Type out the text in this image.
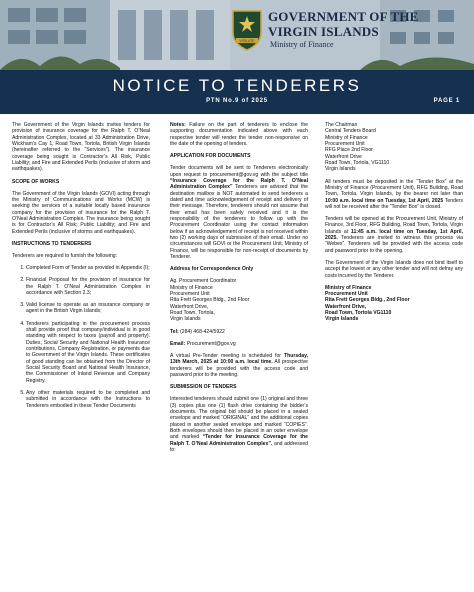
VIGILATE
GOVERNMENT OF THE
VIRGIN ISLANDS
Ministry of Finance
NOTICE TO TENDERERS
PTN No.9 of 2025	PAGE 1

The Government of the Virgin Islands invites tenders for provision of insurance coverage for the Ralph T. O’Neal Administration Complex, located at 33 Administration Drive, Wickham’s Cay 1, Road Town, Tortola, British Virgin Islands (hereinafter referred to the “Services”). The insurance coverage being sought is Contractor’s All Risk, Public Liability; and Fire and Extended Perils (inclusive of storm and earthquakes).

SCOPE OF WORKS

The Government of the Virgin Islands (GOVI) acting through the Ministry of Communications and Works (MCW) is seeking the services of a suitable locally based insurance company for the provision of insurance for the Ralph T. O’Neal Administration Complex. The insurance being sought is for Contractor’s All Risk; Public Liability; and Fire and Extended Perils (inclusive of storms and earthquakes).

INSTRUCTIONS TO TENDERERS

Tenderers are required to furnish the following:

1. Completed Form of Tender as provided in Appendix (I);
2. Financial Proposal for the provision of insurance for the Ralph T. O’Neal Administration Complex in accordance with Section 2.3;
3. Valid license to operate as an insurance company or agent in the British Virgin Islands;
4. Tenderers participating in the procurement process shall provide proof that company/individual is in good standing with respect to taxes (payroll and property). Duties, Social Security and National Health Insurance contributions, Company Registration, or payments due to Government of the Virgin Islands. These certificates of good standing can be obtained from the Director of Social Security Board and National Health Insurance, the Commissioner of Inland Revenue and Company Registry.
5. Any other materials required to be completed and submitted in accordance with the Instructions to Tenderers embodied in these Tender Documents

Notes: Failure on the part of tenderers to enclose the supporting documentation indicated above with each respective tender will render the tender non-responsive on the date of the opening of tenders.

APPLICATION FOR DOCUMENTS

Tender documents will be sent to Tenderers electronically upon request to procurement@gov.vg with the subject title “Insurance Coverage for the Ralph T. O’Neal Administration Complex” Tenderers are advised that the destination mailbox is NOT automated to send tenderers a dated and time acknowledgement of receipt and delivery of their message. Therefore, tenderers should not assume that their email has been safely received and it is the responsibility of the tenderers to follow up with the Procurement Coordinator using the contact information below if an acknowledgement of receipt is not received within two (2) working days of submission of their email. Under no circumstances will GOVI or the Procurement Unit, Ministry of Finance, will be responsible for non-receipt of documents by Tenderer.

Address for Correspondence Only

Ag. Procurement Coordinator
Ministry of Finance
Procurement Unit
Rita Frett Georges Bldg., 2nd Floor
Waterfront Drive,
Road Town, Tortola,
Virgin Islands

Tel: (284) 468-424/5922

Email: Procurement@gov.vg

A virtual Pre-Tender meeting is scheduled for Thursday, 13th March, 2025 at 10:00 a.m. local time. All prospective tenderers will be provided with the access code and password prior to the meeting.

SUBMISSION OF TENDERS

Interested tenderers should submit one (1) original and three (3) copies plus one (1) flash drive containing the bidder’s documents. The original bid should be placed in a sealed envelope and marked “ORIGINAL” and the additional copies placed in another sealed envelope and marked “COPIES”. Both envelopes should then be placed in an outer envelope and marked “Tender for Insurance Coverage for the Ralph T. O’Neal Administration Complex”. and addressed to:

The Chairman
Central Tenders Board
Ministry of Finance
Procurement Unit
RFG Place 2nd Floor
Waterfront Drive
Road Town, Tortola, VG1110
Virgin Islands

All tenders must be deposited in the “Tender Box” at the Ministry of Finance (Procurement Unit), RFG Building, Road Town, Tortola, Virgin Islands, by the bearer not later than 10:00 a.m. local time on Tuesday, 1st April, 2025 Tenders will not be received after the “Tender Box” is closed.

Tenders will be opened at the Procurement Unit, Ministry of Finance, 3rd Floor, RFG Building, Road Town, Tortola, Virgin Islands at 11:45 a.m. local time on Tuesday, 1st April, 2025. Tenderers are invited to witness this process via “Webex”. Tenderers will be provided with the access code and password prior to the opening.

The Government of the Virgin Islands does not bind itself to accept the lowest or any other tender and will not defray any costs incurred by the Tenderer.

Ministry of Finance
Procurement Unit
Rita Frett Georges Bldg., 2nd Floor
Waterfront Drive,
Road Town, Tortola VG1110
Virgin Islands
